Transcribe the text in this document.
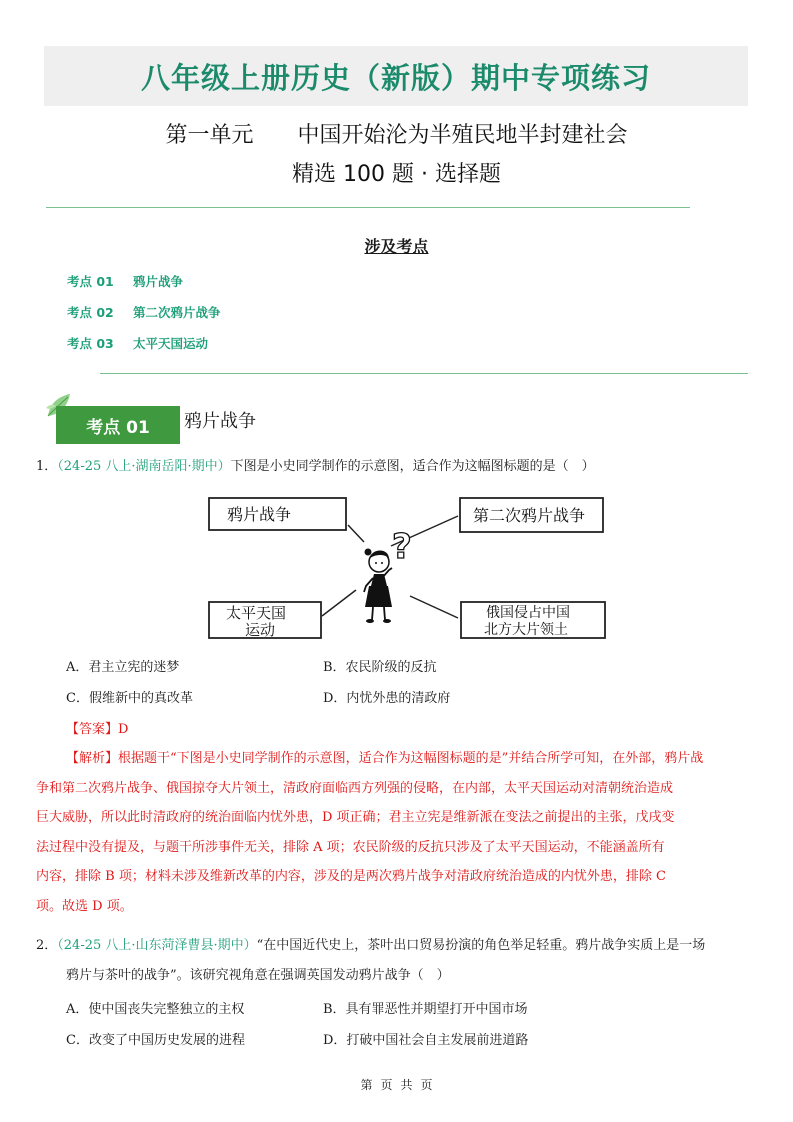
八年级上册历史（新版）期中专项练习
第一单元　　中国开始沦为半殖民地半封建社会
精选 100 题 · 选择题
涉及考点
考点 01 鸦片战争
考点 02 第二次鸦片战争
考点 03 太平天国运动
考点 01	鸦片战争
1．（24-25 八上·湖南岳阳·期中）下图是小史同学制作的示意图，适合作为这幅图标题的是（　）
鸦片战争	第二次鸦片战争
太平天国
运动
俄国侵占中国
北方大片领土
?
A．君主立宪的迷梦	B．农民阶级的反抗
C．假维新中的真改革	D．内忧外患的清政府
【答案】D
【解析】根据题干“下图是小史同学制作的示意图，适合作为这幅图标题的是”并结合所学可知，在外部，鸦片战
争和第二次鸦片战争、俄国掠夺大片领土，清政府面临西方列强的侵略，在内部，太平天国运动对清朝统治造成
巨大威胁，所以此时清政府的统治面临内忧外患，D 项正确；君主立宪是维新派在变法之前提出的主张，戊戌变
法过程中没有提及，与题干所涉事件无关，排除 A 项；农民阶级的反抗只涉及了太平天国运动，不能涵盖所有
内容，排除 B 项；材料未涉及维新改革的内容，涉及的是两次鸦片战争对清政府统治造成的内忧外患，排除 C
项。故选 D 项。
2．（24-25 八上·山东菏泽曹县·期中）“在中国近代史上，茶叶出口贸易扮演的角色举足轻重。鸦片战争实质上是一场
鸦片与茶叶的战争”。该研究视角意在强调英国发动鸦片战争（　）
A．使中国丧失完整独立的主权	B．具有罪恶性并期望打开中国市场
C．改变了中国历史发展的进程	D．打破中国社会自主发展前进道路
第 页 共 页
